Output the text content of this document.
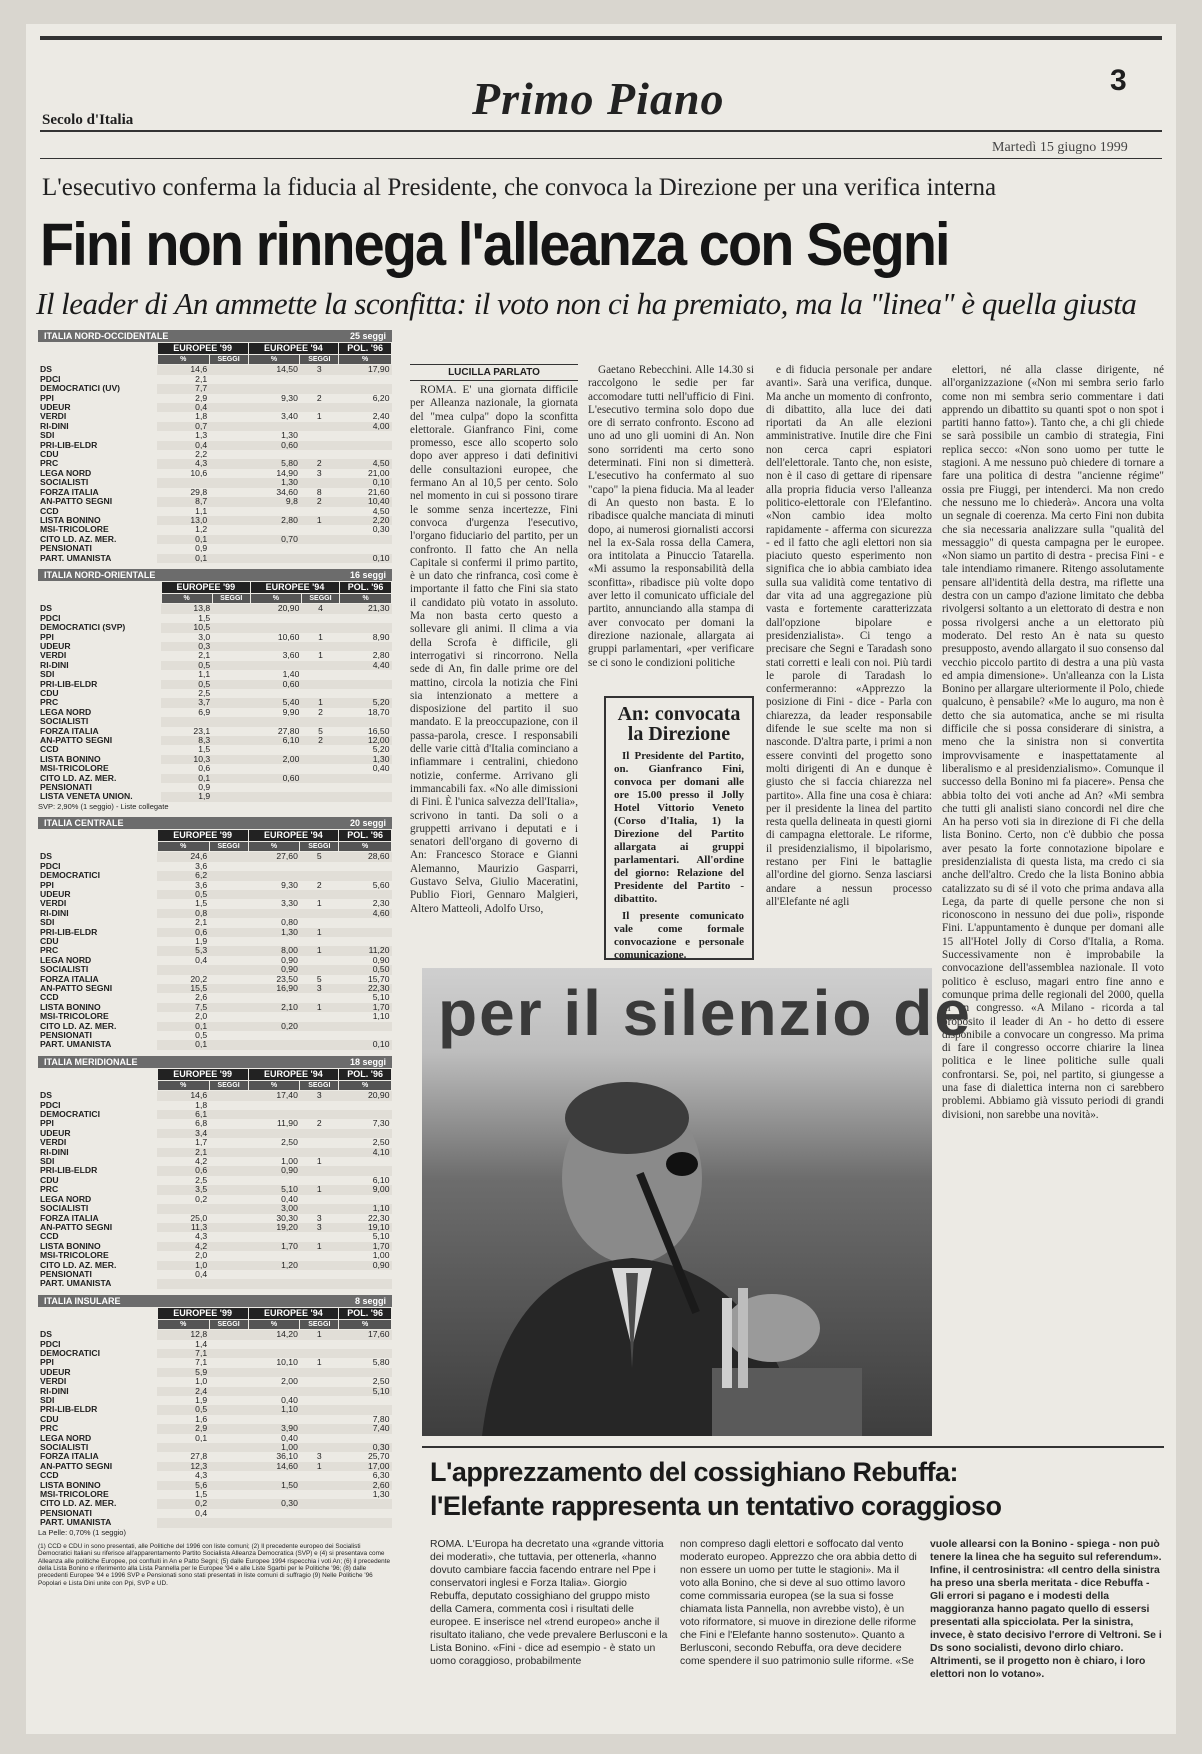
Secolo d'Italia	Primo Piano	3
Martedì 15 giugno 1999
L'esecutivo conferma la fiducia al Presidente, che convoca la Direzione per una verifica interna
Fini non rinnega l'alleanza con Segni
Il leader di An ammette la sconfitta: il voto non ci ha premiato, ma la "linea" è quella giusta
ITALIA NORD-OCCIDENTALE	25 seggi
	EUROPEE '99		EUROPEE '94		POL. '96
	%	SEGGI	%	SEGGI	%
DS	14,6		14,50	3	17,90
PDCI	2,1				
DEMOCRATICI (UV)	7,7				
PPI	2,9		9,30	2	6,20
UDEUR	0,4				
VERDI	1,8		3,40	1	2,40
RI-DINI	0,7				4,00
SDI	1,3		1,30		
PRI-LIB-ELDR	0,4		0,60		
CDU	2,2				
PRC	4,3		5,80	2	4,50
LEGA NORD	10,6		14,90	3	21,00
SOCIALISTI			1,30		0,10
FORZA ITALIA	29,8		34,60	8	21,60
AN-PATTO SEGNI	8,7		9,8	2	10,40
CCD	1,1				4,50
LISTA BONINO	13,0		2,80	1	2,20
MSI-TRICOLORE	1,2				0,30
CITO LD. AZ. MER.	0,1		0,70		
PENSIONATI	0,9				
PART. UMANISTA	0,1				0,10
ITALIA NORD-ORIENTALE	16 seggi
	EUROPEE '99		EUROPEE '94		POL. '96
	%	SEGGI	%	SEGGI	%
DS	13,8		20,90	4	21,30
PDCI	1,5				
DEMOCRATICI (SVP)	10,5				
PPI	3,0		10,60	1	8,90
UDEUR	0,3				
VERDI	2,1		3,60	1	2,80
RI-DINI	0,5				4,40
SDI	1,1		1,40		
PRI-LIB-ELDR	0,5		0,60		
CDU	2,5				
PRC	3,7		5,40	1	5,20
LEGA NORD	6,9		9,90	2	18,70
SOCIALISTI					
FORZA ITALIA	23,1		27,80	5	16,50
AN-PATTO SEGNI	8,3		6,10	2	12,00
CCD	1,5				5,20
LISTA BONINO	10,3		2,00		1,30
MSI-TRICOLORE	0,6				0,40
CITO LD. AZ. MER.	0,1		0,60		
PENSIONATI	0,9				
LISTA VENETA UNION.	1,9				
SVP: 2,90% (1 seggio) - Liste collegate
ITALIA CENTRALE	20 seggi
	EUROPEE '99		EUROPEE '94		POL. '96
	%	SEGGI	%	SEGGI	%
DS	24,6		27,60	5	28,60
PDCI	3,6				
DEMOCRATICI	6,2				
PPI	3,6		9,30	2	5,60
UDEUR	0,5				
VERDI	1,5		3,30	1	2,30
RI-DINI	0,8				4,60
SDI	2,1		0,80		
PRI-LIB-ELDR	0,6		1,30	1	
CDU	1,9				
PRC	5,3		8,00	1	11,20
LEGA NORD	0,4		0,90		0,90
SOCIALISTI			0,90		0,50
FORZA ITALIA	20,2		23,50	5	15,70
AN-PATTO SEGNI	15,5		16,90	3	22,30
CCD	2,6				5,10
LISTA BONINO	7,5		2,10	1	1,70
MSI-TRICOLORE	2,0				1,10
CITO LD. AZ. MER.	0,1		0,20		
PENSIONATI	0,5				
PART. UMANISTA	0,1				0,10
ITALIA MERIDIONALE	18 seggi
	EUROPEE '99		EUROPEE '94		POL. '96
	%	SEGGI	%	SEGGI	%
DS	14,6		17,40	3	20,90
PDCI	1,8				
DEMOCRATICI	6,1				
PPI	6,8		11,90	2	7,30
UDEUR	3,4				
VERDI	1,7		2,50		2,50
RI-DINI	2,1				4,10
SDI	4,2		1,00	1	
PRI-LIB-ELDR	0,6		0,90		
CDU	2,5				6,10
PRC	3,5		5,10	1	9,00
LEGA NORD	0,2		0,40		
SOCIALISTI			3,00		1,10
FORZA ITALIA	25,0		30,30	3	22,30
AN-PATTO SEGNI	11,3		19,20	3	19,10
CCD	4,3				5,10
LISTA BONINO	4,2		1,70	1	1,70
MSI-TRICOLORE	2,0				1,00
CITO LD. AZ. MER.	1,0		1,20		0,90
PENSIONATI	0,4				
PART. UMANISTA					
ITALIA INSULARE	8 seggi
	EUROPEE '99		EUROPEE '94		POL. '96
	%	SEGGI	%	SEGGI	%
DS	12,8		14,20	1	17,60
PDCI	1,4				
DEMOCRATICI	7,1				
PPI	7,1		10,10	1	5,80
UDEUR	5,9				
VERDI	1,0		2,00		2,50
RI-DINI	2,4				5,10
SDI	1,9		0,40		
PRI-LIB-ELDR	0,5		1,10		
CDU	1,6				7,80
PRC	2,9		3,90		7,40
LEGA NORD	0,1		0,40		
SOCIALISTI			1,00		0,30
FORZA ITALIA	27,8		36,10	3	25,70
AN-PATTO SEGNI	12,3		14,60	1	17,00
CCD	4,3				6,30
LISTA BONINO	5,6		1,50		2,60
MSI-TRICOLORE	1,5				1,30
CITO LD. AZ. MER.	0,2		0,30		
PENSIONATI	0,4				
PART. UMANISTA					
La Pelle: 0,70% (1 seggio)
(1) CCD e CDU in sono presentati, alle Politiche del 1996 con liste comuni; (2) Il precedente europeo dei Socialisti Democratici Italiani su riferisce all'apparentamento Partito Socialista Alleanza Democratica (SVP) e (4) si presentava come Alleanza alle politiche Europee, poi confluiti in An e Patto Segni; (5) dalle Europee 1994 rispecchia i voti An; (6) il precedente della Lista Bonino e riferimento alla Lista Pannella per le Europee '94 e alle Liste Sgarbi per le Politiche '96; (8) dalle precedenti Europee '94 e 1996 SVP e Pensionati sono stati presentati in liste comuni di suffragio (9) Nelle Politiche '96 Popolari e Lista Dini unite con Ppi, SVP e UD.
LUCILLA PARLATO

ROMA. E' una giornata difficile per Alleanza nazionale, la giornata del "mea culpa" dopo la sconfitta elettorale. Gianfranco Fini, come promesso, esce allo scoperto solo dopo aver appreso i dati definitivi delle consultazioni europee, che fermano An al 10,5 per cento. Solo nel momento in cui si possono tirare le somme senza incertezze, Fini convoca d'urgenza l'esecutivo, l'organo fiduciario del partito, per un confronto. Il fatto che An nella Capitale si confermi il primo partito, è un dato che rinfranca, così come è importante il fatto che Fini sia stato il candidato più votato in assoluto. Ma non basta certo questo a sollevare gli animi. Il clima a via della Scrofa è difficile, gli interrogativi si rincorrono. Nella sede di An, fin dalle prime ore del mattino, circola la notizia che Fini sia intenzionato a mettere a disposizione del partito il suo mandato. E la preoccupazione, con il passa-parola, cresce. I responsabili delle varie città d'Italia cominciano a infiammare i centralini, chiedono notizie, conferme. Arrivano gli immancabili fax. «No alle dimissioni di Fini. È l'unica salvezza dell'Italia», scrivono in tanti. Da soli o a gruppetti arrivano i deputati e i senatori dell'organo di governo di An: Francesco Storace e Gianni Alemanno, Maurizio Gasparri, Gustavo Selva, Giulio Maceratini, Publio Fiori, Gennaro Malgieri, Altero Matteoli, Adolfo Urso,

Gaetano Rebecchini. Alle 14.30 si raccolgono le sedie per far accomodare tutti nell'ufficio di Fini. L'esecutivo termina solo dopo due ore di serrato confronto. Escono ad uno ad uno gli uomini di An. Non sono sorridenti ma certo sono determinati. Fini non si dimetterà. L'esecutivo ha confermato al suo "capo" la piena fiducia. Ma al leader di An questo non basta. E lo ribadisce qualche manciata di minuti dopo, ai numerosi giornalisti accorsi nel la ex-Sala rossa della Camera, ora intitolata a Pinuccio Tatarella. «Mi assumo la responsabilità della sconfitta», ribadisce più volte dopo aver letto il comunicato ufficiale del partito, annunciando alla stampa di aver convocato per domani la direzione nazionale, allargata ai gruppi parlamentari, «per verificare se ci sono le condizioni politiche

e di fiducia personale per andare avanti». Sarà una verifica, dunque. Ma anche un momento di confronto, di dibattito, alla luce dei dati riportati da An alle elezioni amministrative. Inutile dire che Fini non cerca capri espiatori dell'elettorale. Tanto che, non esiste, non è il caso di gettare di ripensare alla propria fiducia verso l'alleanza politico-elettorale con l'Elefantino. «Non cambio idea molto rapidamente - afferma con sicurezza - ed il fatto che agli elettori non sia piaciuto questo esperimento non significa che io abbia cambiato idea sulla sua validità come tentativo di dar vita ad una aggregazione più vasta e fortemente caratterizzata dall'opzione bipolare e presidenzialista». Ci tengo a precisare che Segni e Taradash sono stati corretti e leali con noi. Più tardi le parole di Taradash lo confermeranno: «Apprezzo la posizione di Fini - dice - Parla con chiarezza, da leader responsabile difende le sue scelte ma non si nasconde. D'altra parte, i primi a non essere convinti del progetto sono molti dirigenti di An e dunque è giusto che si faccia chiarezza nel partito». Alla fine una cosa è chiara: per il presidente la linea del partito resta quella delineata in questi giorni di campagna elettorale. Le riforme, il presidenzialismo, il bipolarismo, restano per Fini le battaglie all'ordine del giorno. Senza lasciarsi andare a nessun processo all'Elefante né agli

elettori, né alla classe dirigente, né all'organizzazione («Non mi sembra serio farlo come non mi sembra serio commentare i dati apprendo un dibattito su quanti spot o non spot i partiti hanno fatto»). Tanto che, a chi gli chiede se sarà possibile un cambio di strategia, Fini replica secco: «Non sono uomo per tutte le stagioni. A me nessuno può chiedere di tornare a fare una politica di destra "ancienne régime" ossia pre Fiuggi, per intenderci. Ma non credo che nessuno me lo chiederà». Ancora una volta un segnale di coerenza. Ma certo Fini non dubita che sia necessaria analizzare sulla "qualità del messaggio" di questa campagna per le europee. «Non siamo un partito di destra - precisa Fini - e tale intendiamo rimanere. Ritengo assolutamente pensare all'identità della destra, ma riflette una destra con un campo d'azione limitato che debba rivolgersi soltanto a un elettorato di destra e non possa rivolgersi anche a un elettorato più moderato. Del resto An è nata su questo presupposto, avendo allargato il suo consenso dal vecchio piccolo partito di destra a una più vasta ed ampia dimensione». Un'alleanza con la Lista Bonino per allargare ulteriormente il Polo, chiede qualcuno, è pensabile? «Me lo auguro, ma non è detto che sia automatica, anche se mi risulta difficile che si possa considerare di sinistra, a meno che la sinistra non si convertita improvvisamente e inaspettatamente al liberalismo e al presidenzialismo». Comunque il successo della Bonino mi fa piacere». Pensa che abbia tolto dei voti anche ad An? «Mi sembra che tutti gli analisti siano concordi nel dire che An ha perso voti sia in direzione di Fi che della lista Bonino. Certo, non c'è dubbio che possa aver pesato la forte connotazione bipolare e presidenzialista di questa lista, ma credo ci sia anche dell'altro. Credo che la lista Bonino abbia catalizzato su di sé il voto che prima andava alla Lega, da parte di quelle persone che non si riconoscono in nessuno dei due poli», risponde Fini. L'appuntamento è dunque per domani alle 15 all'Hotel Jolly di Corso d'Italia, a Roma. Successivamente non è improbabile la convocazione dell'assemblea nazionale. Il voto politico è escluso, magari entro fine anno e comunque prima delle regionali del 2000, quella di un congresso. «A Milano - ricorda a tal proposito il leader di An - ho detto di essere disponibile a convocare un congresso. Ma prima di fare il congresso occorre chiarire la linea politica e le linee politiche sulle quali confrontarsi. Se, poi, nel partito, si giungesse a una fase di dialettica interna non ci sarebbero problemi. Abbiamo già vissuto periodi di grandi divisioni, non sarebbe una novità».

An: convocata la Direzione

Il Presidente del Partito, on. Gianfranco Fini, convoca per domani alle ore 15.00 presso il Jolly Hotel Vittorio Veneto (Corso d'Italia, 1) la Direzione del Partito allargata ai gruppi parlamentari. All'ordine del giorno: Relazione del Presidente del Partito - dibattito.

Il presente comunicato vale come formale convocazione e personale comunicazione.

per il silenzio de
L'apprezzamento del cossighiano Rebuffa:
l'Elefante rappresenta un tentativo coraggioso
ROMA. L'Europa ha decretato una «grande vittoria dei moderati», che tuttavia, per ottenerla, «hanno dovuto cambiare faccia facendo entrare nel Ppe i conservatori inglesi e Forza Italia». Giorgio Rebuffa, deputato cossighiano del gruppo misto della Camera, commenta così i risultati delle europee. E inserisce nel «trend europeo» anche il risultato italiano, che vede prevalere Berlusconi e la Lista Bonino. «Fini - dice ad esempio - è stato un uomo coraggioso, probabilmente
non compreso dagli elettori e soffocato dal vento moderato europeo. Apprezzo che ora abbia detto di non essere un uomo per tutte le stagioni». Ma il voto alla Bonino, che si deve al suo ottimo lavoro come commissaria europea (se la sua si fosse chiamata lista Pannella, non avrebbe visto), è un voto riformatore, si muove in direzione delle riforme che Fini e l'Elefante hanno sostenuto». Quanto a Berlusconi, secondo Rebuffa, ora deve decidere come spendere il suo patrimonio sulle riforme. «Se
vuole allearsi con la Bonino - spiega - non può tenere la linea che ha seguito sul referendum». Infine, il centrosinistra: «Il centro della sinistra ha preso una sberla meritata - dice Rebuffa - Gli errori si pagano e i modesti della maggioranza hanno pagato quello di essersi presentati alla spicciolata. Per la sinistra, invece, è stato decisivo l'errore di Veltroni. Se i Ds sono socialisti, devono dirlo chiaro. Altrimenti, se il progetto non è chiaro, i loro elettori non lo votano».
